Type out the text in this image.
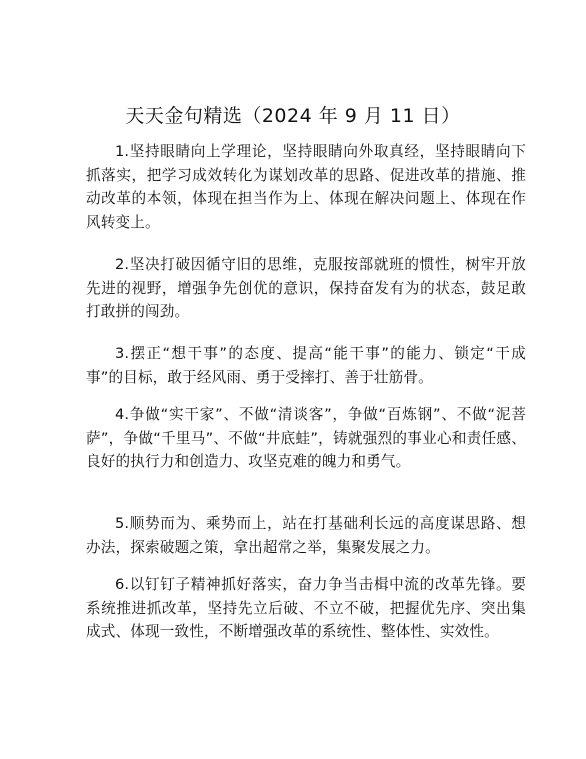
天天金句精选（2024 年 9 月 11 日）

1.坚持眼睛向上学理论，坚持眼睛向外取真经，坚持眼睛向下抓落实，把学习成效转化为谋划改革的思路、促进改革的措施、推动改革的本领，体现在担当作为上、体现在解决问题上、体现在作风转变上。

2.坚决打破因循守旧的思维，克服按部就班的惯性，树牢开放先进的视野，增强争先创优的意识，保持奋发有为的状态，鼓足敢打敢拼的闯劲。

3.摆正“想干事”的态度、提高“能干事”的能力、锁定“干成事”的目标，敢于经风雨、勇于受摔打、善于壮筋骨。

4.争做“实干家”、不做“清谈客”，争做“百炼钢”、不做“泥菩萨”，争做“千里马”、不做“井底蛙”，铸就强烈的事业心和责任感、良好的执行力和创造力、攻坚克难的魄力和勇气。

5.顺势而为、乘势而上，站在打基础利长远的高度谋思路、想办法，探索破题之策，拿出超常之举，集聚发展之力。

6.以钉钉子精神抓好落实，奋力争当击楫中流的改革先锋。要系统推进抓改革，坚持先立后破、不立不破，把握优先序、突出集成式、体现一致性，不断增强改革的系统性、整体性、实效性。
